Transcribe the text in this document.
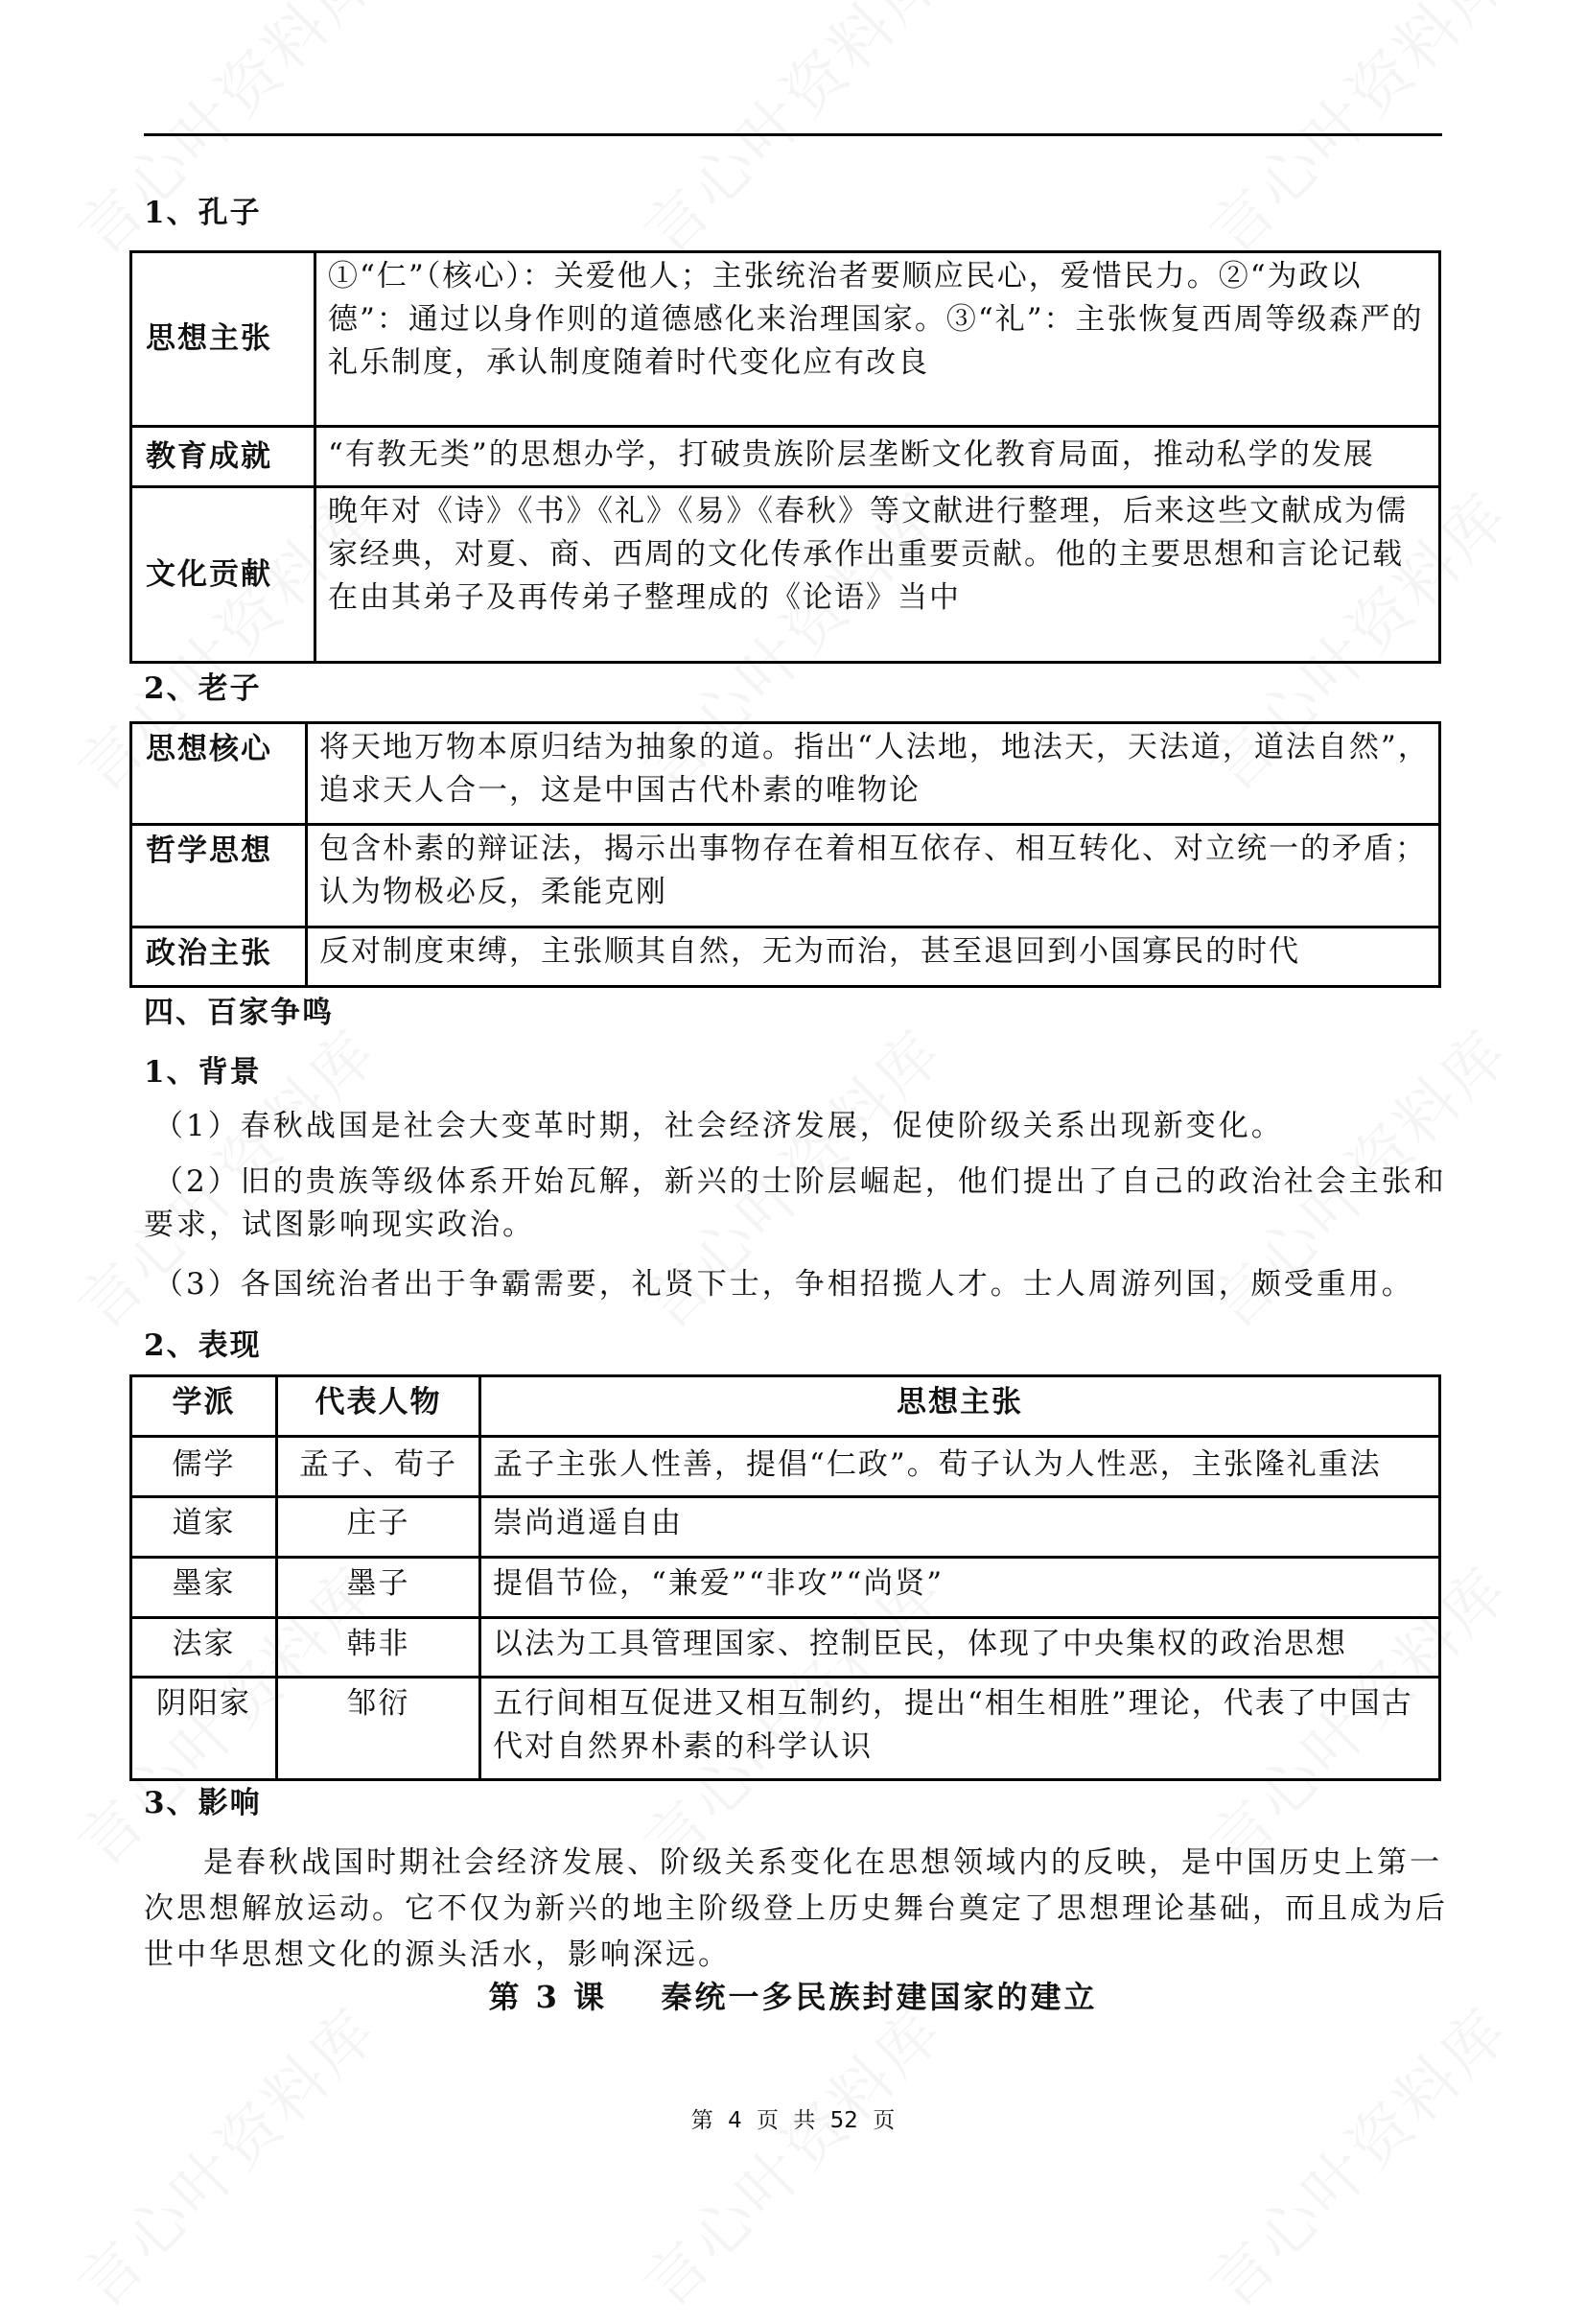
1、孔子
思想主张	①“仁”（核心）：关爱他人；主张统治者要顺应民心，爱惜民力。②“为政以德”：通过以身作则的道德感化来治理国家。③“礼”：主张恢复西周等级森严的礼乐制度，承认制度随着时代变化应有改良
教育成就	“有教无类”的思想办学，打破贵族阶层垄断文化教育局面，推动私学的发展
文化贡献	晚年对《诗》《书》《礼》《易》《春秋》等文献进行整理，后来这些文献成为儒家经典，对夏、商、西周的文化传承作出重要贡献。他的主要思想和言论记载在由其弟子及再传弟子整理成的《论语》当中
2、老子
思想核心	将天地万物本原归结为抽象的道。指出“人法地，地法天，天法道，道法自然”，追求天人合一，这是中国古代朴素的唯物论
哲学思想	包含朴素的辩证法，揭示出事物存在着相互依存、相互转化、对立统一的矛盾；认为物极必反，柔能克刚
政治主张	反对制度束缚，主张顺其自然，无为而治，甚至退回到小国寡民的时代
四、百家争鸣
1、背景
（1）春秋战国是社会大变革时期，社会经济发展，促使阶级关系出现新变化。
（2）旧的贵族等级体系开始瓦解，新兴的士阶层崛起，他们提出了自己的政治社会主张和要求，试图影响现实政治。
（3）各国统治者出于争霸需要，礼贤下士，争相招揽人才。士人周游列国，颇受重用。
2、表现
学派	代表人物	思想主张
儒学	孟子、荀子	孟子主张人性善，提倡“仁政”。荀子认为人性恶，主张隆礼重法
道家	庄子	崇尚逍遥自由
墨家	墨子	提倡节俭，“兼爱”“非攻”“尚贤”
法家	韩非	以法为工具管理国家、控制臣民，体现了中央集权的政治思想
阴阳家	邹衍	五行间相互促进又相互制约，提出“相生相胜”理论，代表了中国古代对自然界朴素的科学认识
3、影响
是春秋战国时期社会经济发展、阶级关系变化在思想领域内的反映，是中国历史上第一次思想解放运动。它不仅为新兴的地主阶级登上历史舞台奠定了思想理论基础，而且成为后世中华思想文化的源头活水，影响深远。
第 3 课    秦统一多民族封建国家的建立
第 4 页 共 52 页
